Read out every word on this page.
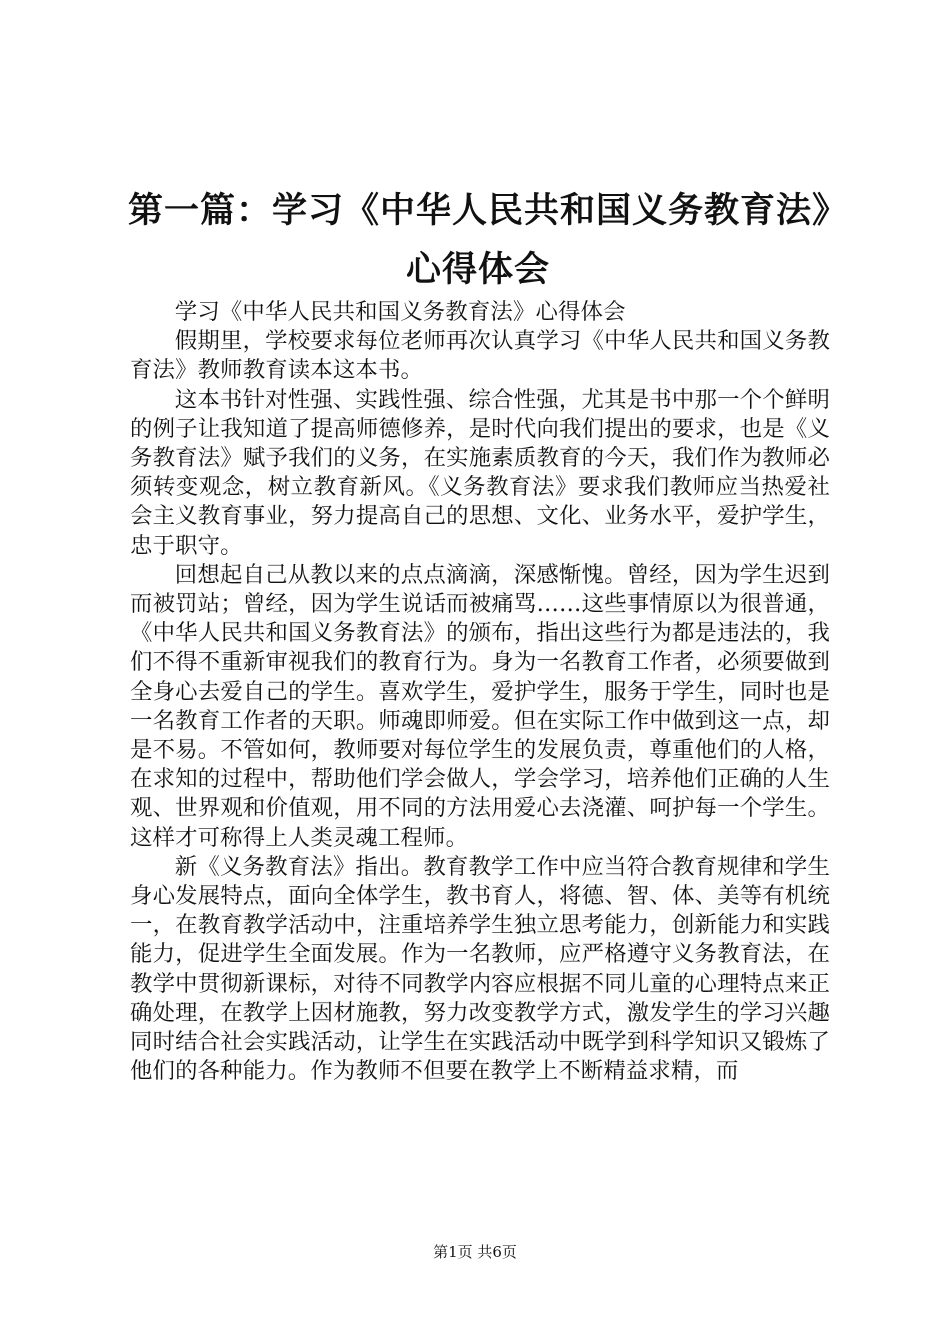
第一篇：学习《中华人民共和国义务教育法》
心得体会

学习《中华人民共和国义务教育法》心得体会

假期里，学校要求每位老师再次认真学习《中华人民共和国义务教育法》教师教育读本这本书。

这本书针对性强、实践性强、综合性强，尤其是书中那一个个鲜明的例子让我知道了提高师德修养，是时代向我们提出的要求，也是《义务教育法》赋予我们的义务，在实施素质教育的今天，我们作为教师必须转变观念，树立教育新风。《义务教育法》要求我们教师应当热爱社会主义教育事业，努力提高自己的思想、文化、业务水平，爱护学生，忠于职守。

回想起自己从教以来的点点滴滴，深感惭愧。曾经，因为学生迟到而被罚站；曾经，因为学生说话而被痛骂……这些事情原以为很普通，《中华人民共和国义务教育法》的颁布，指出这些行为都是违法的，我们不得不重新审视我们的教育行为。身为一名教育工作者，必须要做到全身心去爱自己的学生。喜欢学生，爱护学生，服务于学生，同时也是一名教育工作者的天职。师魂即师爱。但在实际工作中做到这一点，却是不易。不管如何，教师要对每位学生的发展负责，尊重他们的人格，在求知的过程中，帮助他们学会做人，学会学习，培养他们正确的人生观、世界观和价值观，用不同的方法用爱心去浇灌、呵护每一个学生。这样才可称得上人类灵魂工程师。

新《义务教育法》指出。教育教学工作中应当符合教育规律和学生身心发展特点，面向全体学生，教书育人，将德、智、体、美等有机统一，在教育教学活动中，注重培养学生独立思考能力，创新能力和实践能力，促进学生全面发展。作为一名教师，应严格遵守义务教育法，在教学中贯彻新课标，对待不同教学内容应根据不同儿童的心理特点来正确处理，在教学上因材施教，努力改变教学方式，激发学生的学习兴趣同时结合社会实践活动，让学生在实践活动中既学到科学知识又锻炼了他们的各种能力。作为教师不但要在教学上不断精益求精，而

第1页 共6页
